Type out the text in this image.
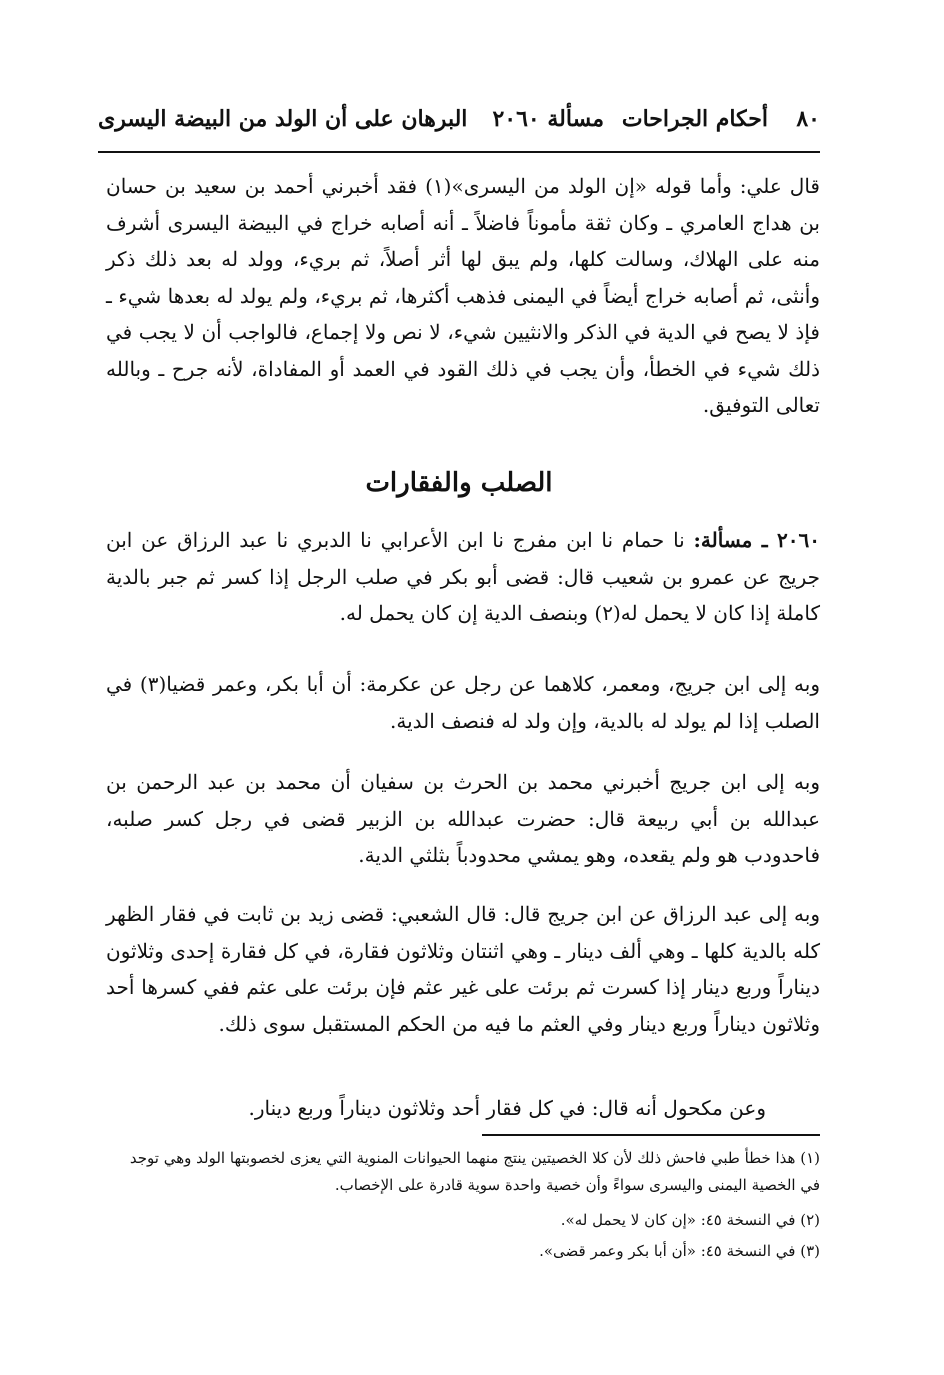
٨٠
أحكام الجراحات
مسألة ٢٠٦٠
البرهان على أن الولد من البيضة اليسرى

قال علي: وأما قوله «إن الولد من اليسرى»(١) فقد أخبرني أحمد بن سعيد بن حسان بن هداج العامري ـ وكان ثقة مأموناً فاضلاً ـ أنه أصابه خراج في البيضة اليسرى أشرف منه على الهلاك، وسالت كلها، ولم يبق لها أثر أصلاً، ثم بريء، وولد له بعد ذلك ذكر وأنثى، ثم أصابه خراج أيضاً في اليمنى فذهب أكثرها، ثم بريء، ولم يولد له بعدها شيء ـ فإذ لا يصح في الدية في الذكر والانثيين شيء، لا نص ولا إجماع، فالواجب أن لا يجب في ذلك شيء في الخطأ، وأن يجب في ذلك القود في العمد أو المفاداة، لأنه جرح ـ وبالله تعالى التوفيق.

الصلب والفقارات

٢٠٦٠ ـ مسألة: نا حمام نا ابن مفرج نا ابن الأعرابي نا الدبري نا عبد الرزاق عن ابن جريج عن عمرو بن شعيب قال: قضى أبو بكر في صلب الرجل إذا كسر ثم جبر بالدية كاملة إذا كان لا يحمل له(٢) وبنصف الدية إن كان يحمل له.

وبه إلى ابن جريج، ومعمر، كلاهما عن رجل عن عكرمة: أن أبا بكر، وعمر قضيا(٣) في الصلب إذا لم يولد له بالدية، وإن ولد له فنصف الدية.

وبه إلى ابن جريج أخبرني محمد بن الحرث بن سفيان أن محمد بن عبد الرحمن بن عبدالله بن أبي ربيعة قال: حضرت عبدالله بن الزبير قضى في رجل كسر صلبه، فاحدودب هو ولم يقعده، وهو يمشي محدودباً بثلثي الدية.

وبه إلى عبد الرزاق عن ابن جريج قال: قال الشعبي: قضى زيد بن ثابت في فقار الظهر كله بالدية كلها ـ وهي ألف دينار ـ وهي اثنتان وثلاثون فقارة، في كل فقارة إحدى وثلاثون ديناراً وربع دينار إذا كسرت ثم برئت على غير عثم فإن برئت على عثم ففي كسرها أحد وثلاثون ديناراً وربع دينار وفي العثم ما فيه من الحكم المستقبل سوى ذلك.

وعن مكحول أنه قال: في كل فقار أحد وثلاثون ديناراً وربع دينار.

(١) هذا خطأ طبي فاحش ذلك لأن كلا الخصيتين ينتج منهما الحيوانات المنوية التي يعزى لخصوبتها الولد وهي توجد في الخصية اليمنى واليسرى سواءً وأن خصية واحدة سوية قادرة على الإخصاب.

(٢) في النسخة ٤٥: «إن كان لا يحمل له».

(٣) في النسخة ٤٥: «أن أبا بكر وعمر قضى».
